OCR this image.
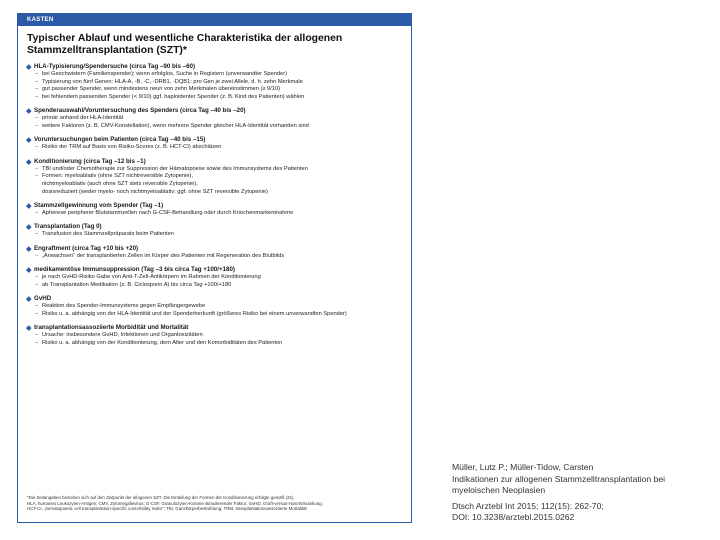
KASTEN
Typischer Ablauf und wesentliche Charakteristika der allogenen
Stammzelltransplantation (SZT)*
HLA-Typisierung/Spendersuche (circa Tag –90 bis –60)
– bei Geschwistern (Familienspender); wenn erfolglos, Suche in Registern (unverwandter Spender)
– Typisierung von fünf Genen: HLA-A, -B, -C, -DRB1, -DQB1: pro Gen je zwei Allele, d. h. zehn Merkmale
– gut passender Spender, wenn mindestens neun von zehn Merkmalen übereinstimmen (≥ 9/10)
– bei fehlendem passenden Spender (< 9/10) ggf. haploidenter Spender (z. B. Kind des Patienten) wählen
Spenderauswahl/Voruntersuchung des Spenders (circa Tag –40 bis –20)
– primär anhand der HLA-Identität
– weitere Faktoren (z. B. CMV-Konstellation), wenn mehrere Spender gleicher HLA-Identität vorhanden sind
Voruntersuchungen beim Patienten (circa Tag –40 bis –15)
– Risiko der TRM auf Basis von Risiko-Scores (z. B. HCT-CI) abschätzen
Konditionierung (circa Tag –12 bis –1)
– TBI und/oder Chemotherapie zur Suppression der Hämatopoese sowie des Immunsystems des Patienten
– Formen: myeloablativ (ohne SZT nichtreversible Zytopenie),
nichtmyeloablativ (auch ohne SZT stets reversible Zytopenie),
dosisreduziert (weder myelo- noch nichtmyeloablativ; ggf. ohne SZT reversible Zytopenie)
Stammzellgewinnung vom Spender (Tag –1)
– Apherese peripherer Blutstammzellen nach G-CSF-Behandlung oder durch Knochenmarkentnahme
Transplantation (Tag 0)
– Transfusion des Stammzellpräparats beim Patienten
Engraftment (circa Tag +10 bis +20)
– „Anwachsen“ der transplantierten Zellen im Körper des Patienten mit Regeneration des Blutbilds
medikamentöse Immunsuppression (Tag –3 bis circa Tag +100/+180)
– je nach GvHD-Risiko Gabe von Anti-T-Zell-Antikörpern im Rahmen der Konditionierung
– ab Transplantation Medikation (z. B. Ciclosporin A) bis circa Tag +100/+180
GvHD
– Reaktion des Spender-Immunsystems gegen Empfängergewebe
– Risiko u. a. abhängig von der HLA-Identität und der Spenderherkunft (größeres Risiko bei einem unverwandten Spender)
transplantationsassoziierte Morbidität und Mortalität
– Ursache: insbesondere GvHD, Infektionen und Organtoxizitäten
– Risiko u. a. abhängig von der Konditionierung, dem Alter und den Komorbiditäten des Patienten
*Die Zeitangaben beziehen sich auf den Zeitpunkt der allogenen SZT. Die Einteilung der Formen der Konditionierung erfolgte gemäß (31).
HLA, humanes Leukozyten-Antigen; CMV, Zytomegalievirus; G-CSF, Granulozyten-Kolonie stimulierender Faktor; GvHD, Graft-versus-Host-Erkrankung;
HCT-CI, „hematopoietic cell transplantation-specific comorbidity index“; TBI, Ganzkörperbestrahlung; TRM, transplantationsassoziierte Mortalität
Müller, Lutz P.; Müller-Tidow, Carsten
Indikationen zur allogenen Stammzelltransplantation bei
myeloischen Neoplasien
Dtsch Arztebl Int 2015; 112(15): 262-70;
DOI: 10.3238/arztebl.2015.0262
